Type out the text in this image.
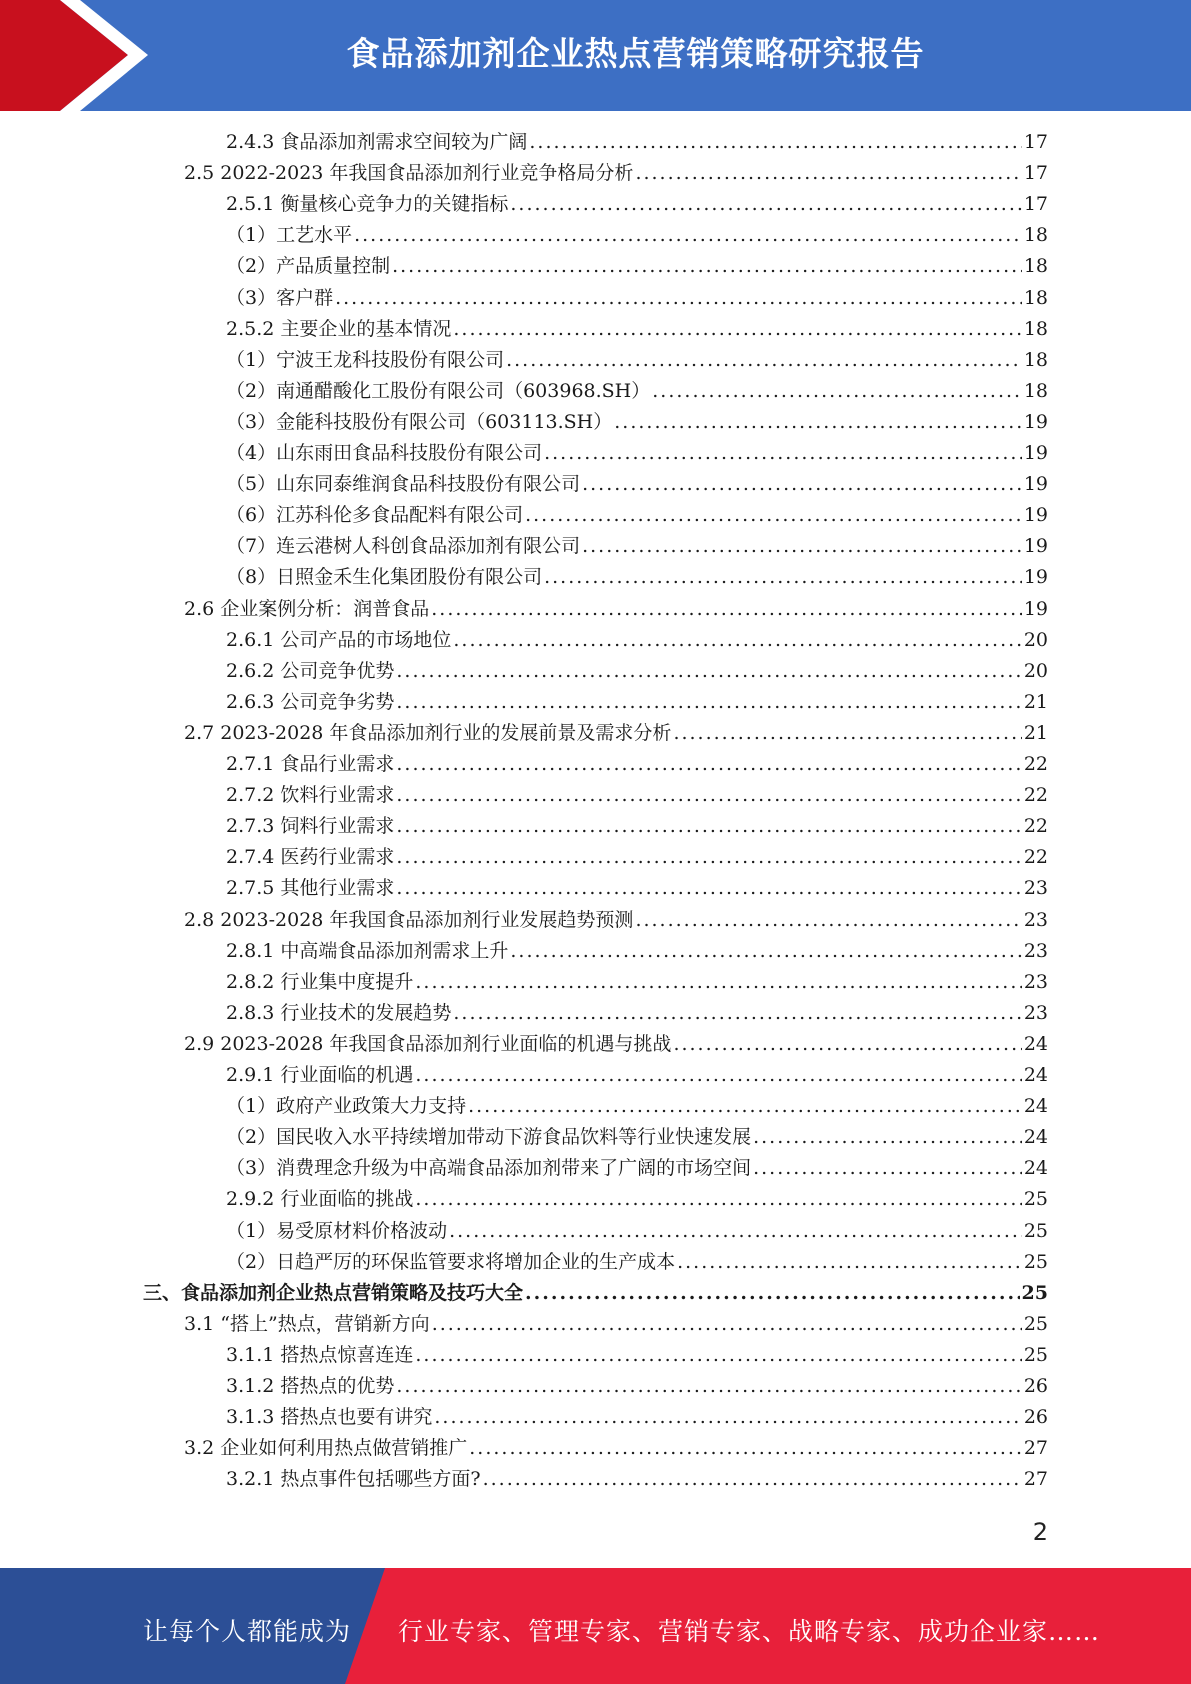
食品添加剂企业热点营销策略研究报告
2.4.3 食品添加剂需求空间较为广阔 .....	17
2.5 2022-2023 年我国食品添加剂行业竞争格局分析 .....	17
2.5.1 衡量核心竞争力的关键指标 .....	17
（1）工艺水平 .....	18
（2）产品质量控制 .....	18
（3）客户群 .....	18
2.5.2 主要企业的基本情况 .....	18
（1）宁波王龙科技股份有限公司 .....	18
（2）南通醋酸化工股份有限公司（603968.SH） .....	18
（3）金能科技股份有限公司（603113.SH） .....	19
（4）山东雨田食品科技股份有限公司 .....	19
（5）山东同泰维润食品科技股份有限公司 .....	19
（6）江苏科伦多食品配料有限公司 .....	19
（7）连云港树人科创食品添加剂有限公司 .....	19
（8）日照金禾生化集团股份有限公司 .....	19
2.6 企业案例分析：润普食品 .....	19
2.6.1 公司产品的市场地位 .....	20
2.6.2 公司竞争优势 .....	20
2.6.3 公司竞争劣势 .....	21
2.7 2023-2028 年食品添加剂行业的发展前景及需求分析 .....	21
2.7.1 食品行业需求 .....	22
2.7.2 饮料行业需求 .....	22
2.7.3 饲料行业需求 .....	22
2.7.4 医药行业需求 .....	22
2.7.5 其他行业需求 .....	23
2.8 2023-2028 年我国食品添加剂行业发展趋势预测 .....	23
2.8.1 中高端食品添加剂需求上升 .....	23
2.8.2 行业集中度提升 .....	23
2.8.3 行业技术的发展趋势 .....	23
2.9 2023-2028 年我国食品添加剂行业面临的机遇与挑战 .....	24
2.9.1 行业面临的机遇 .....	24
（1）政府产业政策大力支持 .....	24
（2）国民收入水平持续增加带动下游食品饮料等行业快速发展 .....	24
（3）消费理念升级为中高端食品添加剂带来了广阔的市场空间 .....	24
2.9.2 行业面临的挑战 .....	25
（1）易受原材料价格波动 .....	25
（2）日趋严厉的环保监管要求将增加企业的生产成本 .....	25
三、食品添加剂企业热点营销策略及技巧大全 .....	25
3.1 “搭上”热点，营销新方向 .....	25
3.1.1 搭热点惊喜连连 .....	25
3.1.2 搭热点的优势 .....	26
3.1.3 搭热点也要有讲究 .....	26
3.2 企业如何利用热点做营销推广 .....	27
3.2.1 热点事件包括哪些方面? .....	27
2
让每个人都能成为 行业专家、管理专家、营销专家、战略专家、成功企业家……
